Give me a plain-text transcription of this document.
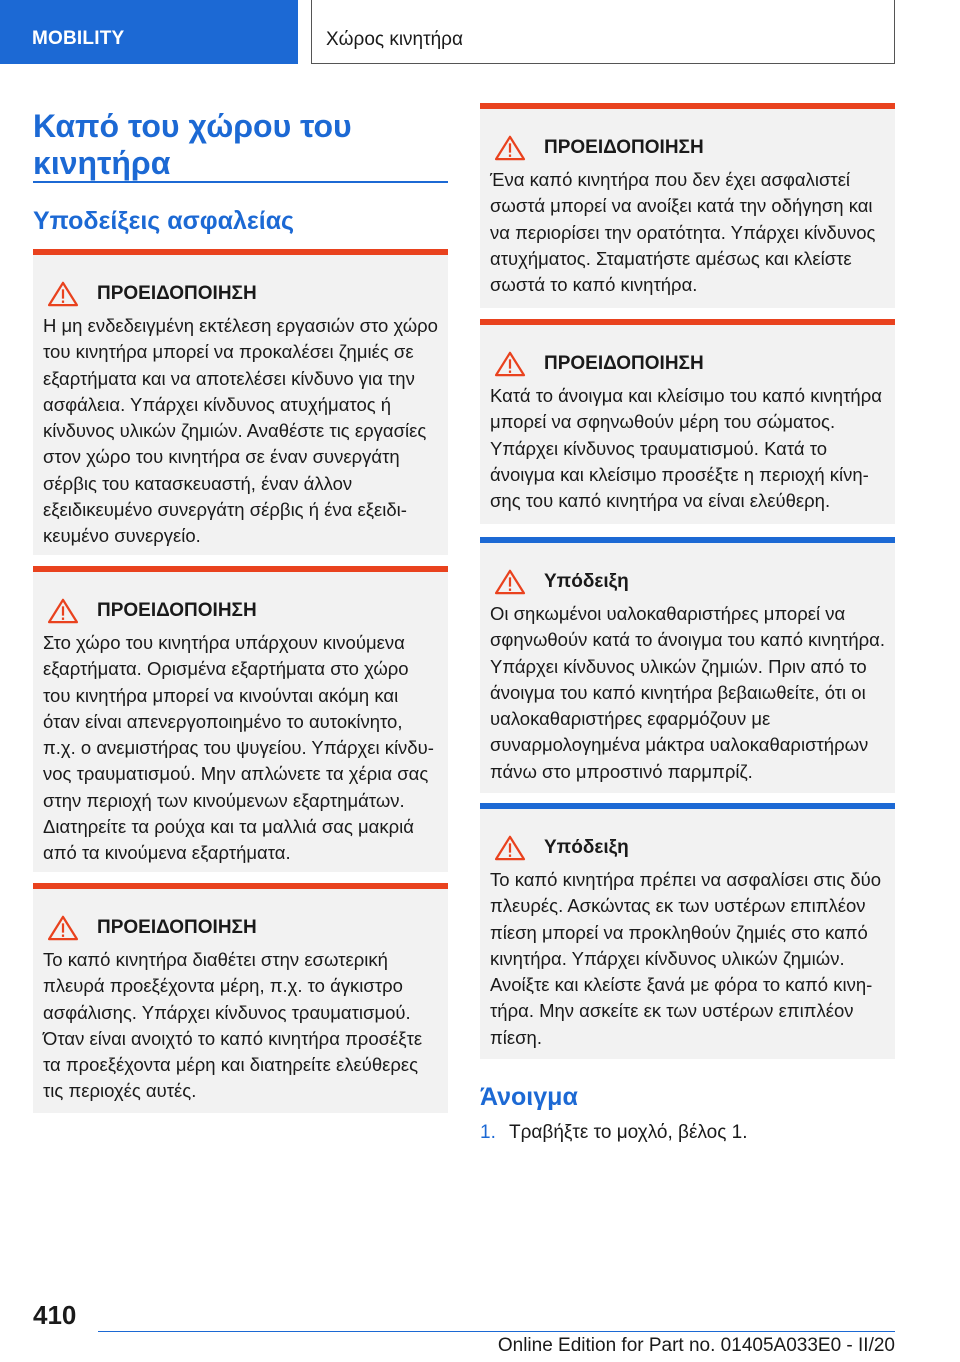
MOBILITY	Χώρος κινητήρα
Καπό του χώρου του κινητήρα
Υποδείξεις ασφαλείας
ΠΡΟΕΙΔΟΠΟΙΗΣΗ
Η μη ενδεδειγμένη εκτέλεση εργασιών στο χώρο του κινητήρα μπορεί να προκαλέσει ζημιές σε εξαρτήματα και να αποτελέσει κίνδυνο για την ασφάλεια. Υπάρχει κίνδυνος ατυχήματος ή κίνδυνος υλικών ζημιών. Αναθέστε τις εργασίες στον χώρο του κινητήρα σε έναν συνεργάτη σέρβις του κατασκευαστή, έναν άλλον εξειδικευμένο συνεργάτη σέρβις ή ένα εξειδικευμένο συνεργείο.
ΠΡΟΕΙΔΟΠΟΙΗΣΗ
Στο χώρο του κινητήρα υπάρχουν κινούμενα εξαρτήματα. Ορισμένα εξαρτήματα στο χώρο του κινητήρα μπορεί να κινούνται ακόμη και όταν είναι απενεργοποιημένο το αυτοκίνητο, π.χ. ο ανεμιστήρας του ψυγείου. Υπάρχει κίνδυνος τραυματισμού. Μην απλώνετε τα χέρια σας στην περιοχή των κινούμενων εξαρτημάτων. Διατηρείτε τα ρούχα και τα μαλλιά σας μακριά από τα κινούμενα εξαρτήματα.
ΠΡΟΕΙΔΟΠΟΙΗΣΗ
Το καπό κινητήρα διαθέτει στην εσωτερική πλευρά προεξέχοντα μέρη, π.χ. το άγκιστρο ασφάλισης. Υπάρχει κίνδυνος τραυματισμού. Όταν είναι ανοιχτό το καπό κινητήρα προσέξτε τα προεξέχοντα μέρη και διατηρείτε ελεύθερες τις περιοχές αυτές.
ΠΡΟΕΙΔΟΠΟΙΗΣΗ
Ένα καπό κινητήρα που δεν έχει ασφαλιστεί σωστά μπορεί να ανοίξει κατά την οδήγηση και να περιορίσει την ορατότητα. Υπάρχει κίνδυνος ατυχήματος. Σταματήστε αμέσως και κλείστε σωστά το καπό κινητήρα.
ΠΡΟΕΙΔΟΠΟΙΗΣΗ
Κατά το άνοιγμα και κλείσιμο του καπό κινητήρα μπορεί να σφηνωθούν μέρη του σώματος. Υπάρχει κίνδυνος τραυματισμού. Κατά το άνοιγμα και κλείσιμο προσέξτε η περιοχή κίνησης του καπό κινητήρα να είναι ελεύθερη.
Υπόδειξη
Οι σηκωμένοι υαλοκαθαριστήρες μπορεί να σφηνωθούν κατά το άνοιγμα του καπό κινητήρα. Υπάρχει κίνδυνος υλικών ζημιών. Πριν από το άνοιγμα του καπό κινητήρα βεβαιωθείτε, ότι οι υαλοκαθαριστήρες εφαρμόζουν με συναρμολογημένα μάκτρα υαλοκαθαριστήρων πάνω στο μπροστινό παρμπρίζ.
Υπόδειξη
Το καπό κινητήρα πρέπει να ασφαλίσει στις δύο πλευρές. Ασκώντας εκ των υστέρων επιπλέον πίεση μπορεί να προκληθούν ζημιές στο καπό κινητήρα. Υπάρχει κίνδυνος υλικών ζημιών. Ανοίξτε και κλείστε ξανά με φόρα το καπό κινητήρα. Μην ασκείτε εκ των υστέρων επιπλέον πίεση.
Άνοιγμα
1. Τραβήξτε το μοχλό, βέλος 1.
410
Online Edition for Part no. 01405A033E0 - II/20
